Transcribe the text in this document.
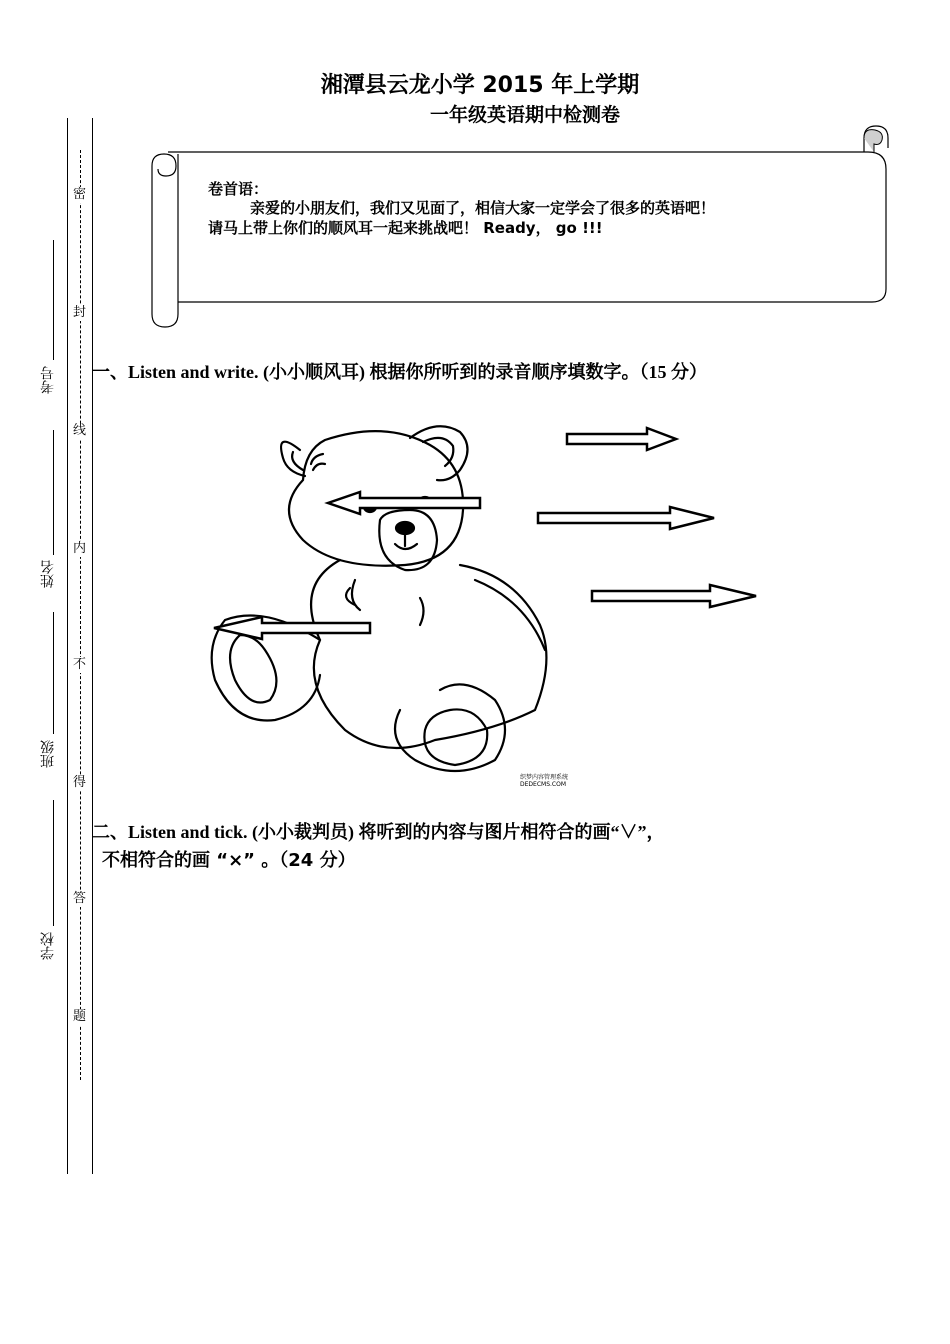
湘潭县云龙小学 2015 年上学期
一年级英语期中检测卷
密
封
线
内
不
得
答
题
考号
姓名
班级
学校
卷首语：
亲爱的小朋友们，我们又见面了，相信大家一定学会了很多的英语吧！
请马上带上你们的顺风耳一起来挑战吧！ Ready， go !!!
一、Listen and write. (小小顺风耳) 根据你所听到的录音顺序填数字。（15 分）
织梦内容管理系统
DEDECMS.COM
二、Listen and tick. (小小裁判员) 将听到的内容与图片相符合的画“∨”，
不相符合的画 “×” 。（24 分）
